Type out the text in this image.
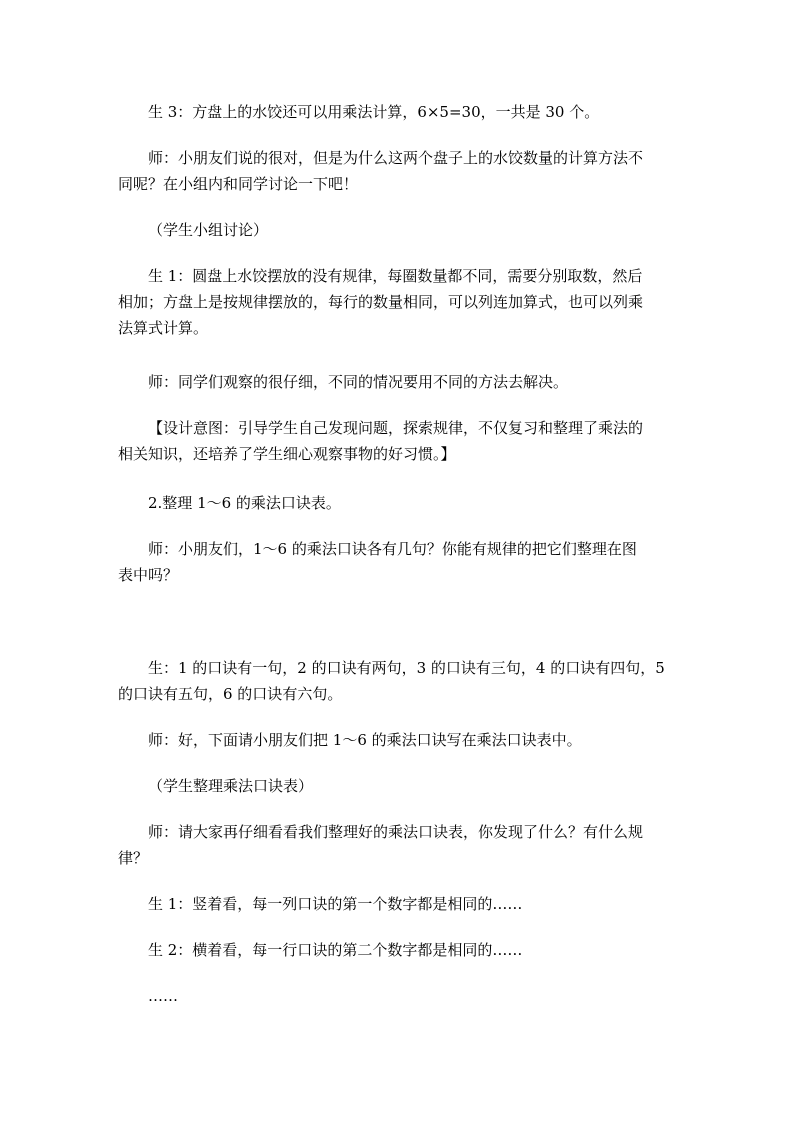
生 3：方盘上的水饺还可以用乘法计算，6×5=30，一共是 30 个。

师：小朋友们说的很对，但是为什么这两个盘子上的水饺数量的计算方法不
同呢？在小组内和同学讨论一下吧！

（学生小组讨论）

生 1：圆盘上水饺摆放的没有规律，每圈数量都不同，需要分别取数，然后
相加；方盘上是按规律摆放的，每行的数量相同，可以列连加算式，也可以列乘
法算式计算。

师：同学们观察的很仔细，不同的情况要用不同的方法去解决。

【设计意图：引导学生自己发现问题，探索规律，不仅复习和整理了乘法的
相关知识，还培养了学生细心观察事物的好习惯。】

2.整理 1～6 的乘法口诀表。

师：小朋友们，1～6 的乘法口诀各有几句？你能有规律的把它们整理在图
表中吗？

生：1 的口诀有一句，2 的口诀有两句，3 的口诀有三句，4 的口诀有四句，5
的口诀有五句，6 的口诀有六句。

师：好，下面请小朋友们把 1～6 的乘法口诀写在乘法口诀表中。

（学生整理乘法口诀表）

师：请大家再仔细看看我们整理好的乘法口诀表，你发现了什么？有什么规
律？

生 1：竖着看，每一列口诀的第一个数字都是相同的……

生 2：横着看，每一行口诀的第二个数字都是相同的……

……
